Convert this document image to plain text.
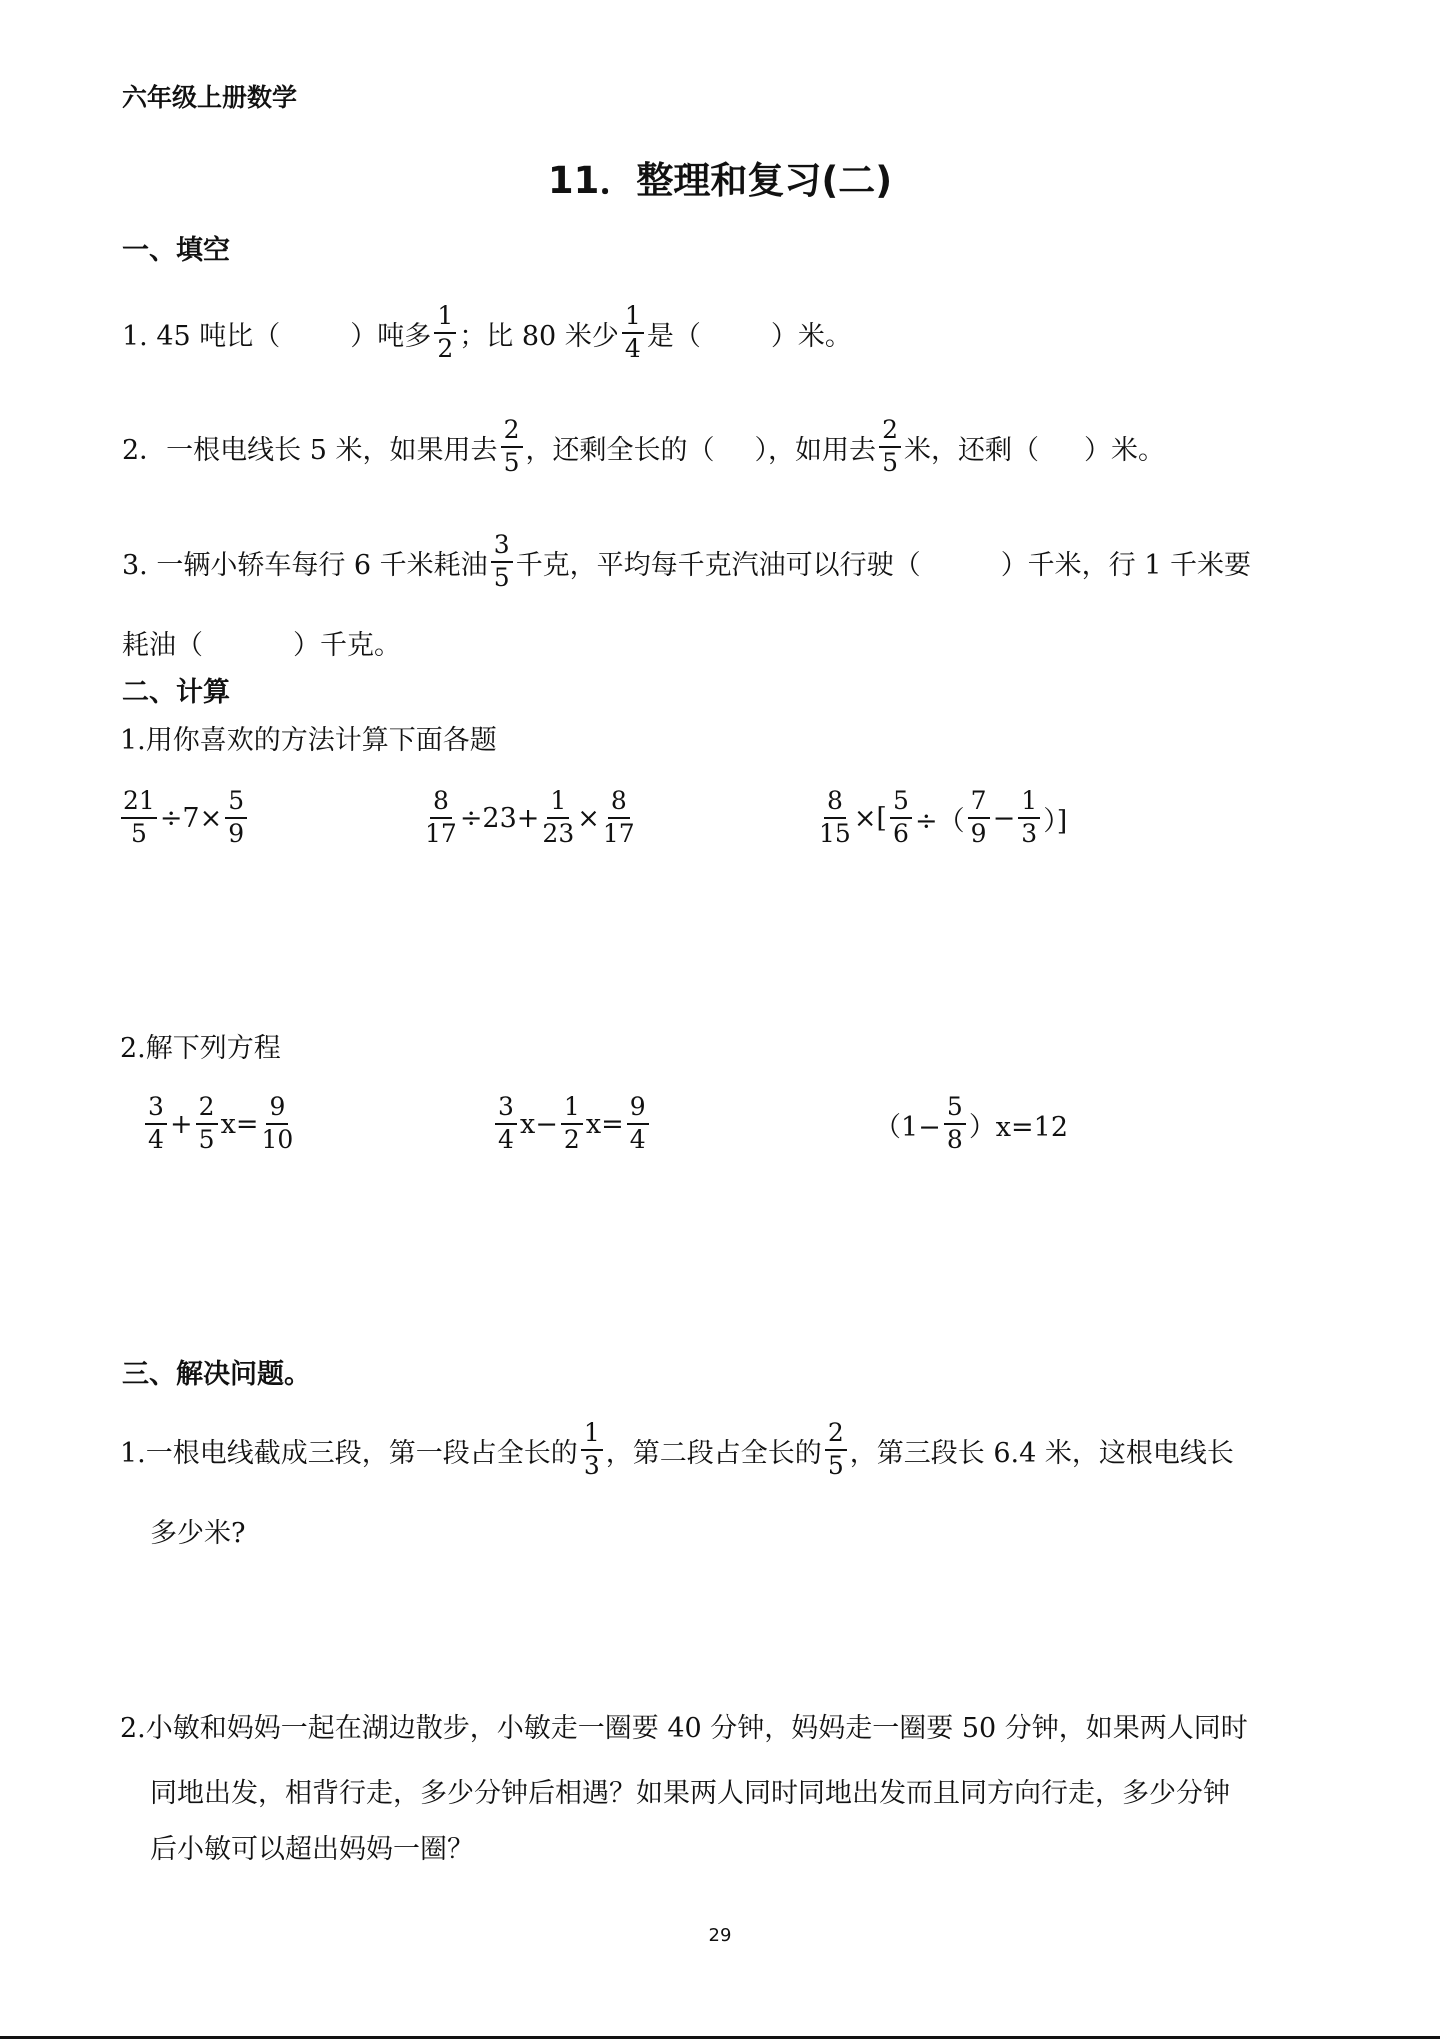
六年级上册数学
11．整理和复习(二)
一、填空
1. 45 吨比（	）吨多 $\frac{1}{2}$ ；比 80 米少 $\frac{1}{4}$ 是（	）米。
2．一根电线长 5 米，如果用去 $\frac{2}{5}$ ，还剩全长的（ ），如用去 $\frac{2}{5}$ 米，还剩（ ）米。
3. 一辆小轿车每行 6 千米耗油 $\frac{3}{5}$ 千克，平均每千克汽油可以行驶（	）千米，行 1 千米要
耗油（	）千克。
二、计算
1.用你喜欢的方法计算下面各题
$\frac{21}{5} \div 7\times \frac{5}{9}$	$\frac{8}{17} \div 23+ \frac{1}{23} \times \frac{8}{17}$	$\frac{8}{15}$ ×[ $\frac{5}{6}$ ÷（ $\frac{7}{9} - \frac{1}{3}$ ）]
2.解下列方程
$\frac{3}{4} + \frac{2}{5} x= \frac{9}{10}$	$\frac{3}{4} x- \frac{1}{2} x= \frac{9}{4}$	$(1- \frac{5}{8} )x=12$
三、解决问题。
1.一根电线截成三段，第一段占全长的 $\frac{1}{3}$ ，第二段占全长的 $\frac{2}{5}$ ，第三段长 6.4 米，这根电线长
多少米?
2.小敏和妈妈一起在湖边散步，小敏走一圈要 40 分钟，妈妈走一圈要 50 分钟，如果两人同时
同地出发，相背行走，多少分钟后相遇？如果两人同时同地出发而且同方向行走，多少分钟
后小敏可以超出妈妈一圈？
29
